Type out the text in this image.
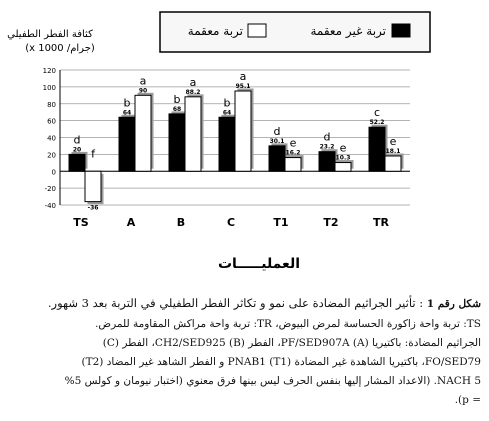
كثافة الفطر الطفيلي
(x 1000 /جرام)
تربة معقمة	تربة غير معقمة
-40
-20
0
20
40
60
80
100
120
20
d
-36
f
64
b
90
a
68
b
88.2
a
64
b
95.1
a
30.1
d
16.2
e	23.2
d
10.3
e
52.2
c
18.1
e
TS	A	B	C	T1	T2	TR
العمليـــــات
شكل رقم 1 : تأثير الجراثيم المضادة على نمو و تكاثر الفطر الطفيلي في التربة بعد 3 شهور.
TS: تربة واحة زاكورة الحساسة لمرض البيوض، TR: تربة واحة مراكش المقاومة للمرض.
الجراثيم المضادة: باكتيريا (A) PF/SED907A، الفطر CH2/SED925 (B)، الفطر (C)
FO/SED79، باكتيريا الشاهدة غير المضادة PNAB1 (T1) و الفطر الشاهد غير المضاد (T2)
NACH 5. (الاعداد المشار إليها بنفس الحرف ليس بينها فرق معنوي (اختبار نيومان و كولس 5%
= p).
